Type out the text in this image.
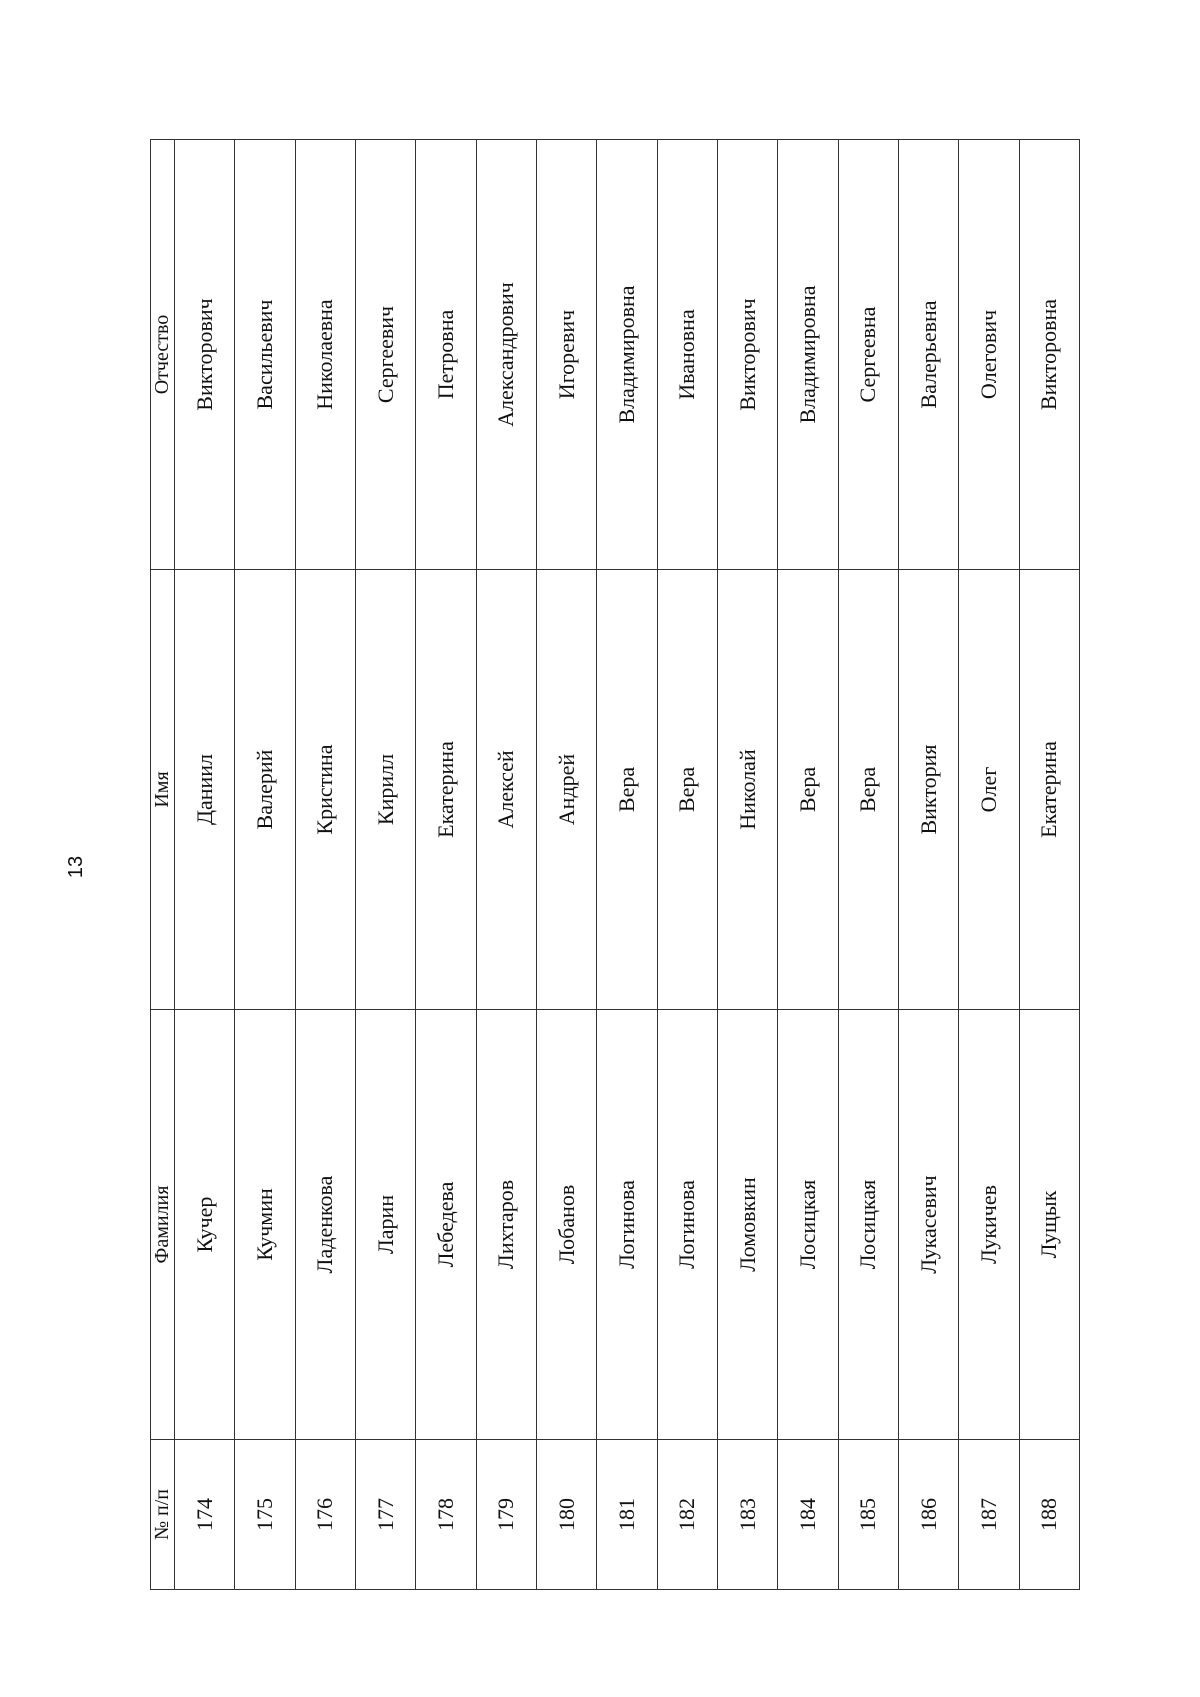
13
№ п/п	Фамилия	Имя	Отчество
174	Кучер	Даниил	Викторович
175	Кучмин	Валерий	Васильевич
176	Ладенкова	Кристина	Николаевна
177	Ларин	Кирилл	Сергеевич
178	Лебедева	Екатерина	Петровна
179	Лихтаров	Алексей	Александрович
180	Лобанов	Андрей	Игоревич
181	Логинова	Вера	Владимировна
182	Логинова	Вера	Ивановна
183	Ломовкин	Николай	Викторович
184	Лосицкая	Вера	Владимировна
185	Лосицкая	Вера	Сергеевна
186	Лукасевич	Виктория	Валерьевна
187	Лукичев	Олег	Олегович
188	Лущык	Екатерина	Викторовна
